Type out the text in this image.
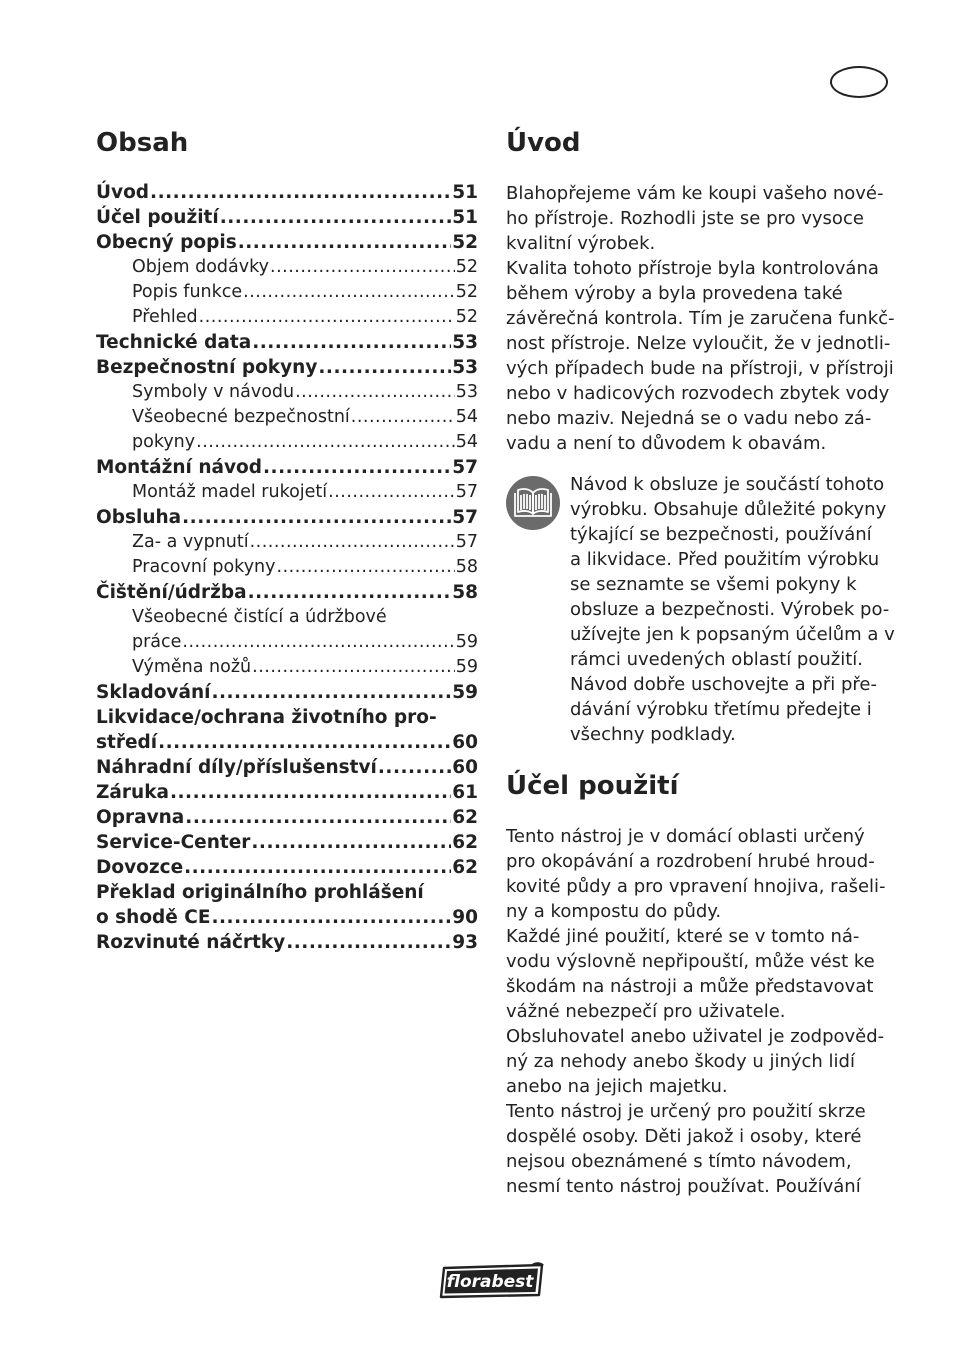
Obsah
Úvod .....	51
Účel použití .....	51
Obecný popis .....	52
Objem dodávky .....	52
Popis funkce .....	52
Přehled .....	52
Technické data .....	53
Bezpečnostní pokyny .....	53
Symboly v návodu .....	53
Všeobecné bezpečnostní .....	54
pokyny .....	54
Montážní návod .....	57
Montáž madel rukojetí .....	57
Obsluha .....	57
Za- a vypnutí .....	57
Pracovní pokyny .....	58
Čištění/údržba .....	58
Všeobecné čistící a údržbové
práce .....	59
Výměna nožů .....	59
Skladování .....	59
Likvidace/ochrana životního pro-
středí .....	60
Náhradní díly/příslušenství .....	60
Záruka .....	61
Opravna .....	62
Service-Center .....	62
Dovozce .....	62
Překlad originálního prohlášení
o shodě CE .....	90
Rozvinuté náčrtky .....	93
Úvod
Blahopřejeme vám ke koupi vašeho nové-
ho přístroje. Rozhodli jste se pro vysoce
kvalitní výrobek.
Kvalita tohoto přístroje byla kontrolována
během výroby a byla provedena také
závěrečná kontrola. Tím je zaručena funkč-
nost přístroje. Nelze vyloučit, že v jednotli-
vých případech bude na přístroji, v přístroji
nebo v hadicových rozvodech zbytek vody
nebo maziv. Nejedná se o vadu nebo zá-
vadu a není to důvodem k obavám.
Návod k obsluze je součástí tohoto
výrobku. Obsahuje důležité pokyny
týkající se bezpečnosti, používání
a likvidace. Před použitím výrobku
se seznamte se všemi pokyny k
obsluze a bezpečnosti. Výrobek po-
užívejte jen k popsaným účelům a v
rámci uvedených oblastí použití.
Návod dobře uschovejte a při pře-
dávání výrobku třetímu předejte i
všechny podklady.
Účel použití
Tento nástroj je v domácí oblasti určený
pro okopávání a rozdrobení hrubé hroud-
kovité půdy a pro vpravení hnojiva, rašeli-
ny a kompostu do půdy.
Každé jiné použití, které se v tomto ná-
vodu výslovně nepřipouští, může vést ke
škodám na nástroji a může představovat
vážné nebezpečí pro uživatele.
Obsluhovatel anebo uživatel je zodpověd-
ný za nehody anebo škody u jiných lidí
anebo na jejich majetku.
Tento nástroj je určený pro použití skrze
dospělé osoby. Děti jakož i osoby, které
nejsou obeznámené s tímto návodem,
nesmí tento nástroj používat. Používání
florabest
